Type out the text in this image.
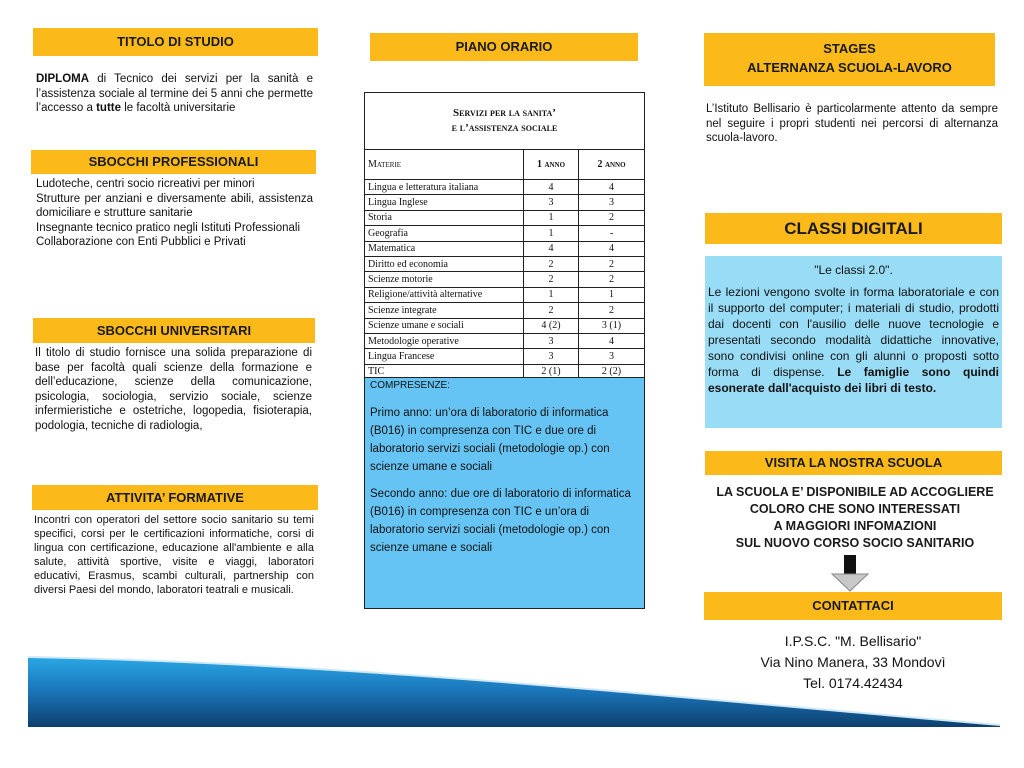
TITOLO DI STUDIO
DIPLOMA di Tecnico dei servizi per la sanità e l’assistenza sociale al termine dei 5 anni che permette l’accesso a tutte le facoltà universitarie
SBOCCHI PROFESSIONALI

Ludoteche, centri socio ricreativi per minori

Strutture per anziani e diversamente abili, assistenza domiciliare e strutture sanitarie

Insegnante tecnico pratico negli Istituti Professionali

Collaborazione con Enti Pubblici e Privati

SBOCCHI UNIVERSITARI
Il titolo di studio fornisce una solida preparazione di base per facoltà quali scienze della formazione e dell’educazione, scienze della comunicazione, psicologia, sociologia, servizio sociale, scienze infermieristiche e ostetriche, logopedia, fisioterapia, podologia, tecniche di radiologia,
ATTIVITA’ FORMATIVE
Incontri con operatori del settore socio sanitario su temi specifici, corsi per le certificazioni informatiche, corsi di lingua con certificazione, educazione all'ambiente e alla salute, attività sportive, visite e viaggi, laboratori educativi, Erasmus, scambi culturali, partnership con diversi Paesi del mondo, laboratori teatrali e musicali.
PIANO ORARIO
Servizi per la sanita’
e l’assistenza sociale
Materie	1 anno	2 anno
Lingua e letteratura italiana	4	4
Lingua Inglese	3	3
Storia	1	2
Geografia	1	-
Matematica	4	4
Diritto ed economia	2	2
Scienze motorie	2	2
Religione/attività alternative	1	1
Scienze integrate	2	2
Scienze umane e sociali	4 (2)	3 (1)
Metodologie operative	3	4
Lingua Francese	3	3
TIC	2 (1)	2 (2)
COMPRESENZE:
Primo anno: un’ora di laboratorio di informatica (B016) in compresenza con TIC e due ore di laboratorio servizi sociali (metodologie op.) con scienze umane e sociali
Secondo anno: due ore di laboratorio di informatica (B016) in compresenza con TIC e un’ora di laboratorio servizi sociali (metodologie op.) con scienze umane e sociali
STAGES
ALTERNANZA SCUOLA-LAVORO
L’Istituto Bellisario è particolarmente attento da sempre nel seguire i propri studenti nei percorsi di alternanza scuola-lavoro.
CLASSI DIGITALI
"Le classi 2.0".
Le lezioni vengono svolte in forma laboratoriale e con il supporto del computer; i materiali di studio, prodotti dai docenti con l'ausilio delle nuove tecnologie e presentati secondo modalità didattiche innovative, sono condivisi online con gli alunni o proposti sotto forma di dispense. Le famiglie sono quindi esonerate dall'acquisto dei libri di testo.
VISITA LA NOSTRA SCUOLA
LA SCUOLA E’ DISPONIBILE AD ACCOGLIERE
COLORO CHE SONO INTERESSATI
A MAGGIORI INFOMAZIONI
SUL NUOVO CORSO SOCIO SANITARIO
CONTATTACI
I.P.S.C. "M. Bellisario"
Via Nino Manera, 33 Mondovì
Tel. 0174.42434
